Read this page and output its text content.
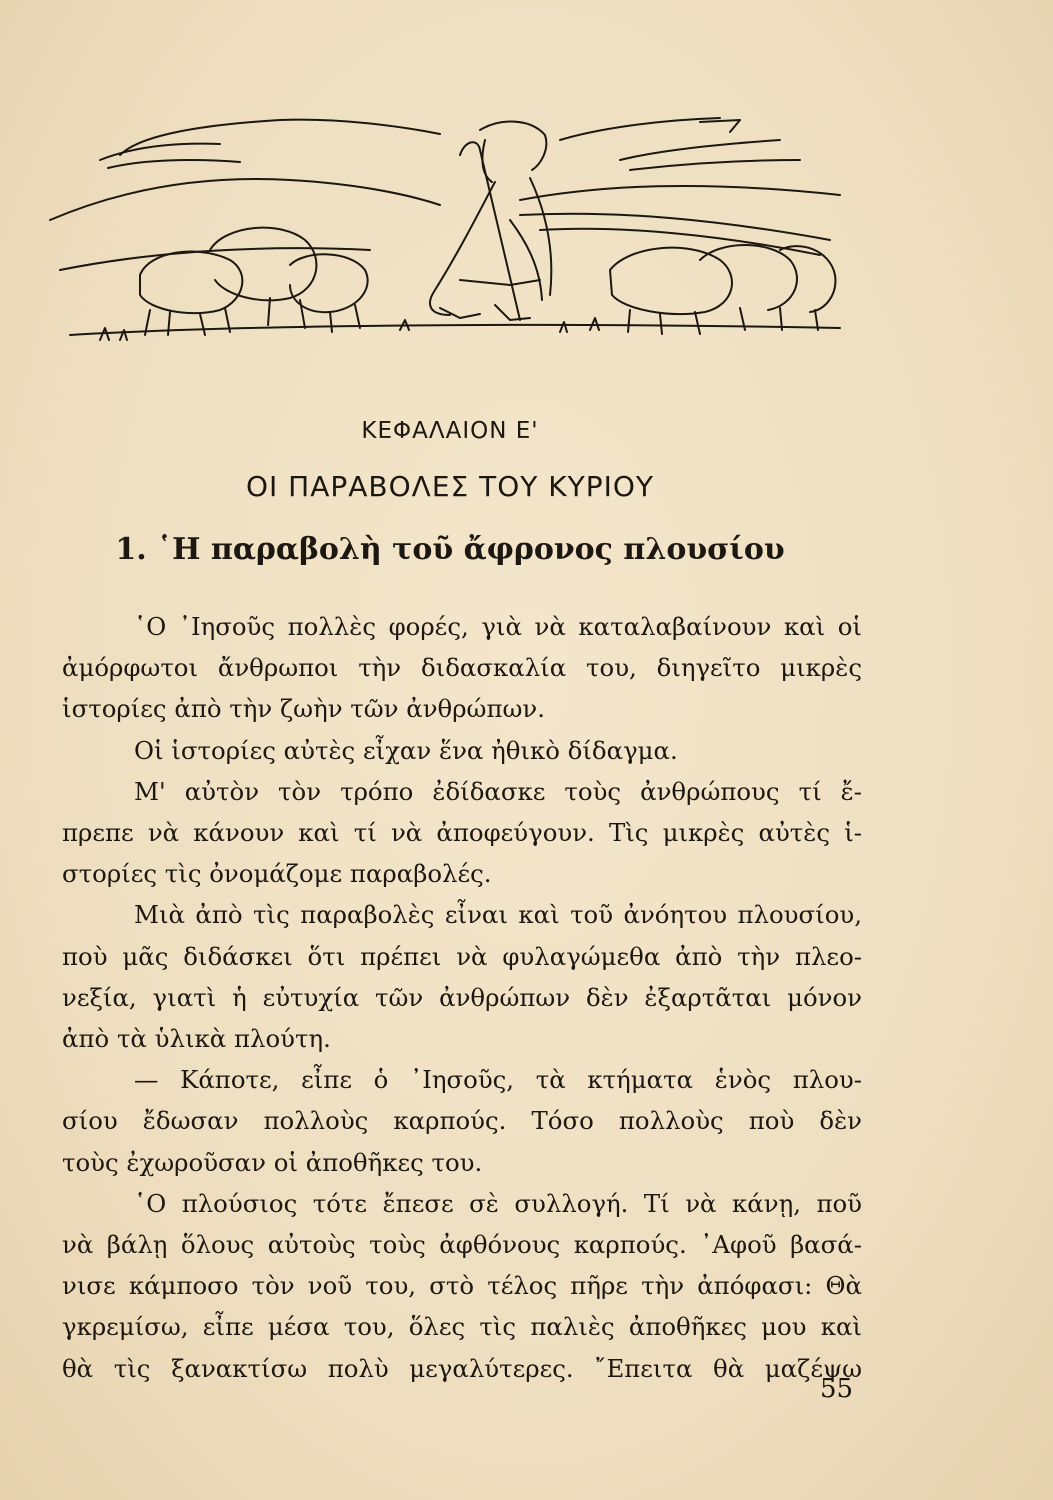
ΚΕΦΑΛΑΙΟΝ Ε'
ΟΙ ΠΑΡΑΒΟΛΕΣ ΤΟΥ ΚΥΡΙΟΥ
1. ῾Η παραβολὴ τοῦ ἄφρονος πλουσίου
῾Ο ᾿Ιησοῦς πολλὲς φορές, γιὰ νὰ καταλαβαίνουν καὶ οἱ
ἀμόρφωτοι ἄνθρωποι τὴν διδασκαλία του, διηγεῖτο μικρὲς
ἱστορίες ἀπὸ τὴν ζωὴν τῶν ἀνθρώπων.
Οἱ ἱστορίες αὐτὲς εἶχαν ἕνα ἠθικὸ δίδαγμα.
Μ' αὐτὸν τὸν τρόπο ἐδίδασκε τοὺς ἀνθρώπους τί ἔ-
πρεπε νὰ κάνουν καὶ τί νὰ ἀποφεύγουν. Τὶς μικρὲς αὐτὲς ἱ-
στορίες τὶς ὀνομάζομε παραβολές.
Μιὰ ἀπὸ τὶς παραβολὲς εἶναι καὶ τοῦ ἀνόητου πλουσίου,
ποὺ μᾶς διδάσκει ὅτι πρέπει νὰ φυλαγώμεθα ἀπὸ τὴν πλεο-
νεξία, γιατὶ ἡ εὐτυχία τῶν ἀνθρώπων δὲν ἐξαρτᾶται μόνον
ἀπὸ τὰ ὑλικὰ πλούτη.
— Κάποτε, εἶπε ὁ ᾿Ιησοῦς, τὰ κτήματα ἑνὸς πλου-
σίου ἔδωσαν πολλοὺς καρπούς. Τόσο πολλοὺς ποὺ δὲν
τοὺς ἐχωροῦσαν οἱ ἀποθῆκες του.
῾Ο πλούσιος τότε ἔπεσε σὲ συλλογή. Τί νὰ κάνῃ, ποῦ
νὰ βάλῃ ὅλους αὐτοὺς τοὺς ἀφθόνους καρπούς. ᾿Αφοῦ βασά-
νισε κάμποσο τὸν νοῦ του, στὸ τέλος πῆρε τὴν ἀπόφασι: Θὰ
γκρεμίσω, εἶπε μέσα του, ὅλες τὶς παλιὲς ἀποθῆκες μου καὶ
θὰ τὶς ξανακτίσω πολὺ μεγαλύτερες. ῎Επειτα θὰ μαζέψω
55
